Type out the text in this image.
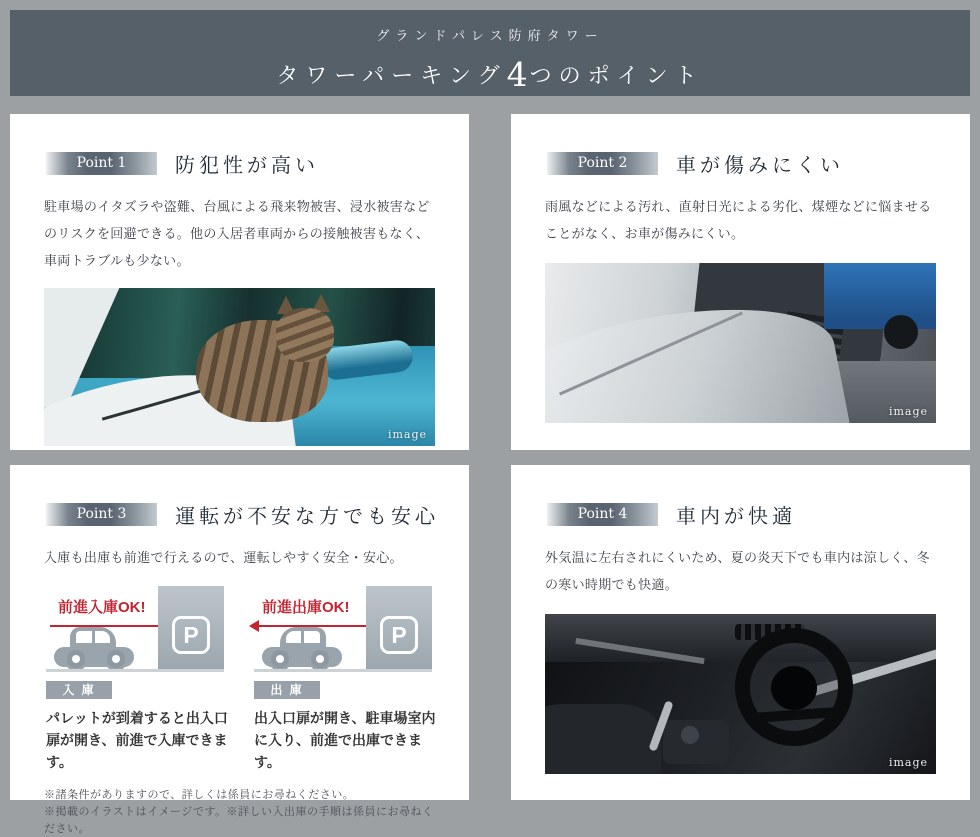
グランドパレス防府タワー
タワーパーキング4つのポイント
Point 1	防犯性が高い

駐車場のイタズラや盗難、台風による飛来物被害、浸水被害などのリスクを回避できる。他の入居者車両からの接触被害もなく、車両トラブルも少ない。

image
Point 2	車が傷みにくい

雨風などによる汚れ、直射日光による劣化、煤煙などに悩ませることがなく、お車が傷みにくい。

image
Point 3	運転が不安な方でも安心

入庫も出庫も前進で行えるので、運転しやすく安全・安心。

前進入庫OK!
P
入 庫
パレットが到着すると出入口扉が開き、前進で入庫できます。
前進出庫OK!
P
出 庫
出入口扉が開き、駐車場室内に入り、前進で出庫できます。
※諸条件がありますので、詳しくは係員にお尋ねください。
※掲載のイラストはイメージです。※詳しい入出庫の手順は係員にお尋ねください。
Point 4	車内が快適

外気温に左右されにくいため、夏の炎天下でも車内は涼しく、冬の寒い時期でも快適。

image
